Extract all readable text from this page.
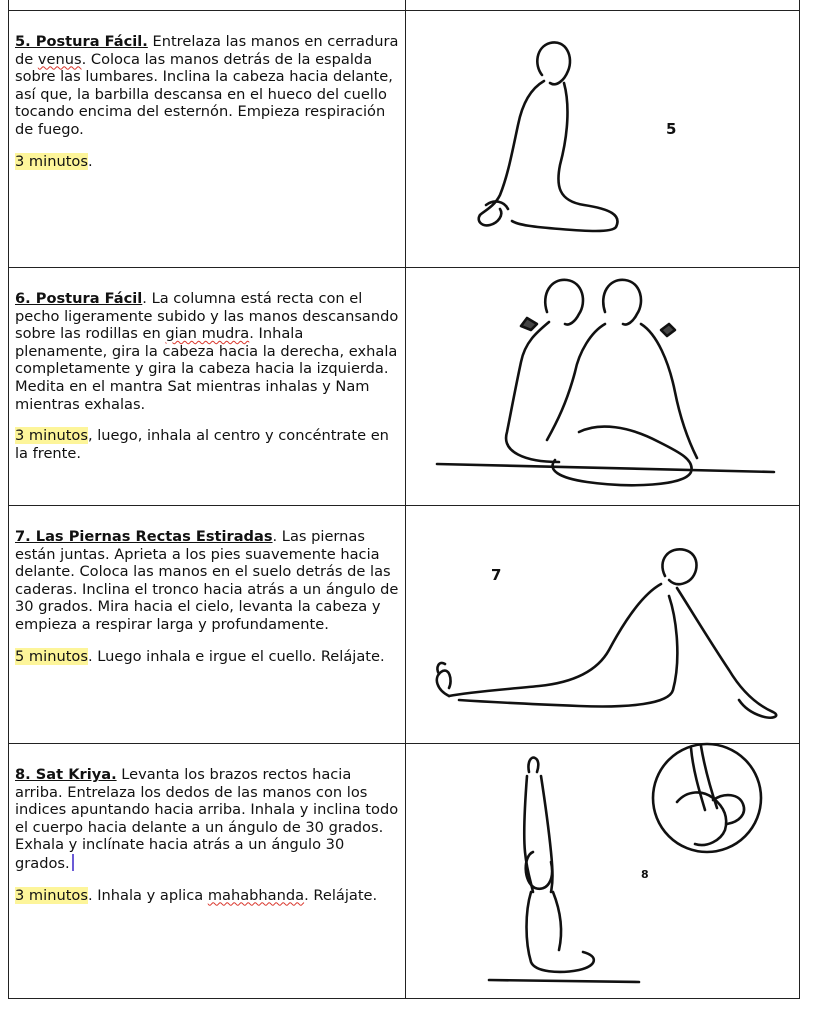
5. Postura Fácil. Entrelaza las manos en cerradura de venus. Coloca las manos detrás de la espalda sobre las lumbares. Inclina la cabeza hacia delante, así que, la barbilla descansa en el hueco del cuello tocando encima del esternón. Empieza respiración de fuego.

3 minutos.

5

6. Postura Fácil. La columna está recta con el pecho ligeramente subido y las manos descansando sobre las rodillas en gian mudra. Inhala plenamente, gira la cabeza hacia la derecha, exhala completamente y gira la cabeza hacia la izquierda. Medita en el mantra Sat mientras inhalas y Nam mientras exhalas.

3 minutos, luego, inhala al centro y concéntrate en la frente.

7. Las Piernas Rectas Estiradas. Las piernas están juntas. Aprieta a los pies suavemente hacia delante. Coloca las manos en el suelo detrás de las caderas. Inclina el tronco hacia atrás a un ángulo de 30 grados. Mira hacia el cielo, levanta la cabeza y empieza a respirar larga y profundamente.

5 minutos. Luego inhala e irgue el cuello. Relájate.

7

8. Sat Kriya. Levanta los brazos rectos hacia arriba. Entrelaza los dedos de las manos con los indices apuntando hacia arriba. Inhala y inclina todo el cuerpo hacia delante a un ángulo de 30 grados. Exhala y inclínate hacia atrás a un ángulo 30 grados.

3 minutos. Inhala y aplica mahabhanda. Relájate.

8
